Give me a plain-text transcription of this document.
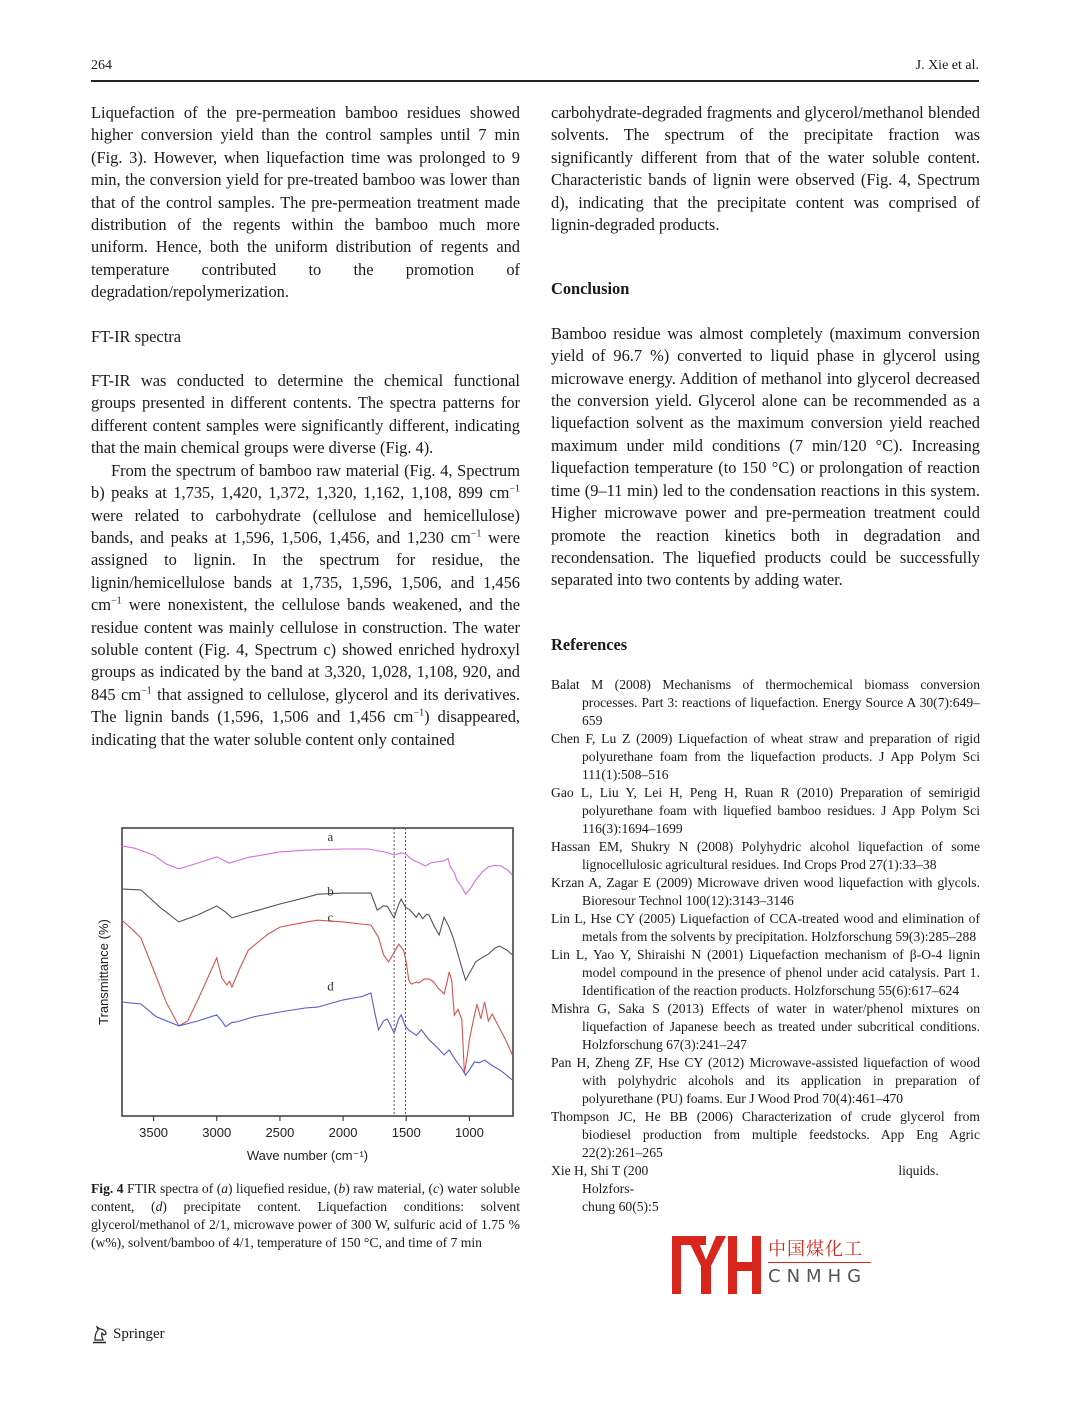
264	J. Xie et al.

Liquefaction of the pre-permeation bamboo residues showed higher conversion yield than the control samples until 7 min (Fig. 3). However, when liquefaction time was prolonged to 9 min, the conversion yield for pre-treated bamboo was lower than that of the control samples. The pre-permeation treatment made distribution of the regents within the bamboo much more uniform. Hence, both the uniform distribution of regents and temperature contributed to the promotion of degradation/repolymerization.

FT-IR spectra

FT-IR was conducted to determine the chemical functional groups presented in different contents. The spectra patterns for different content samples were significantly different, indicating that the main chemical groups were diverse (Fig. 4).

From the spectrum of bamboo raw material (Fig. 4, Spectrum b) peaks at 1,735, 1,420, 1,372, 1,320, 1,162, 1,108, 899 $cm^{-1}$ were related to carbohydrate (cellulose and hemicellulose) bands, and peaks at 1,596, 1,506, 1,456, and 1,230 $cm^{-1}$ were assigned to lignin. In the spectrum for residue, the lignin/hemicellulose bands at 1,735, 1,596, 1,506, and 1,456 $cm^{-1}$ were nonexistent, the cellulose bands weakened, and the residue content was mainly cellulose in construction. The water soluble content (Fig. 4, Spectrum c) showed enriched hydroxyl groups as indicated by the band at 3,320, 1,028, 1,108, 920, and 845 $cm^{-1}$ that assigned to cellulose, glycerol and its derivatives. The lignin bands (1,596, 1,506 and 1,456 $cm^{-1}$) disappeared, indicating that the water soluble content only contained

a
b
c
d
3500	3000	2500	2000	1500	1000
Wave number (cm⁻¹)
Transmittance (%)
Fig. 4 FTIR spectra of (a) liquefied residue, (b) raw material, (c) water soluble content, (d) precipitate content. Liquefaction conditions: solvent glycerol/methanol of 2/1, microwave power of 300 W, sulfuric acid of 1.75 % (w%), solvent/bamboo of 4/1, temperature of 150 °C, and time of 7 min

carbohydrate-degraded fragments and glycerol/methanol blended solvents. The spectrum of the precipitate fraction was significantly different from that of the water soluble content. Characteristic bands of lignin were observed (Fig. 4, Spectrum d), indicating that the precipitate content was comprised of lignin-degraded products.

Conclusion

Bamboo residue was almost completely (maximum conversion yield of 96.7 %) converted to liquid phase in glycerol using microwave energy. Addition of methanol into glycerol decreased the conversion yield. Glycerol alone can be recommended as a liquefaction solvent as the maximum conversion yield reached maximum under mild conditions (7 min/120 °C). Increasing liquefaction temperature (to 150 °C) or prolongation of reaction time (9–11 min) led to the condensation reactions in this system. Higher microwave power and pre-permeation treatment could promote the reaction kinetics both in degradation and recondensation. The liquefied products could be successfully separated into two contents by adding water.

References
Balat M (2008) Mechanisms of thermochemical biomass conversion processes. Part 3: reactions of liquefaction. Energy Source A 30(7):649–659
Chen F, Lu Z (2009) Liquefaction of wheat straw and preparation of rigid polyurethane foam from the liquefaction products. J App Polym Sci 111(1):508–516
Gao L, Liu Y, Lei H, Peng H, Ruan R (2010) Preparation of semirigid polyurethane foam with liquefied bamboo residues. J App Polym Sci 116(3):1694–1699
Hassan EM, Shukry N (2008) Polyhydric alcohol liquefaction of some lignocellulosic agricultural residues. Ind Crops Prod 27(1):33–38
Krzan A, Zagar E (2009) Microwave driven wood liquefaction with glycols. Bioresour Technol 100(12):3143–3146
Lin L, Hse CY (2005) Liquefaction of CCA-treated wood and elimination of metals from the solvents by precipitation. Holzforschung 59(3):285–288
Lin L, Yao Y, Shiraishi N (2001) Liquefaction mechanism of β-O-4 lignin model compound in the presence of phenol under acid catalysis. Part 1. Identification of the reaction products. Holzforschung 55(6):617–624
Mishra G, Saka S (2013) Effects of water in water/phenol mixtures on liquefaction of Japanese beech as treated under subcritical conditions. Holzforschung 67(3):241–247
Pan H, Zheng ZF, Hse CY (2012) Microwave-assisted liquefaction of wood with polyhydric alcohols and its application in preparation of polyurethane (PU) foams. Eur J Wood Prod 70(4):461–470
Thompson JC, He BB (2006) Characterization of crude glycerol from biodiesel production from multiple feedstocks. App Eng Agric 22(2):261–265
Xie H, Shi T (200	liquids. Holzfors-
chung 60(5):5
中国煤化工
CNMHG
Springer
